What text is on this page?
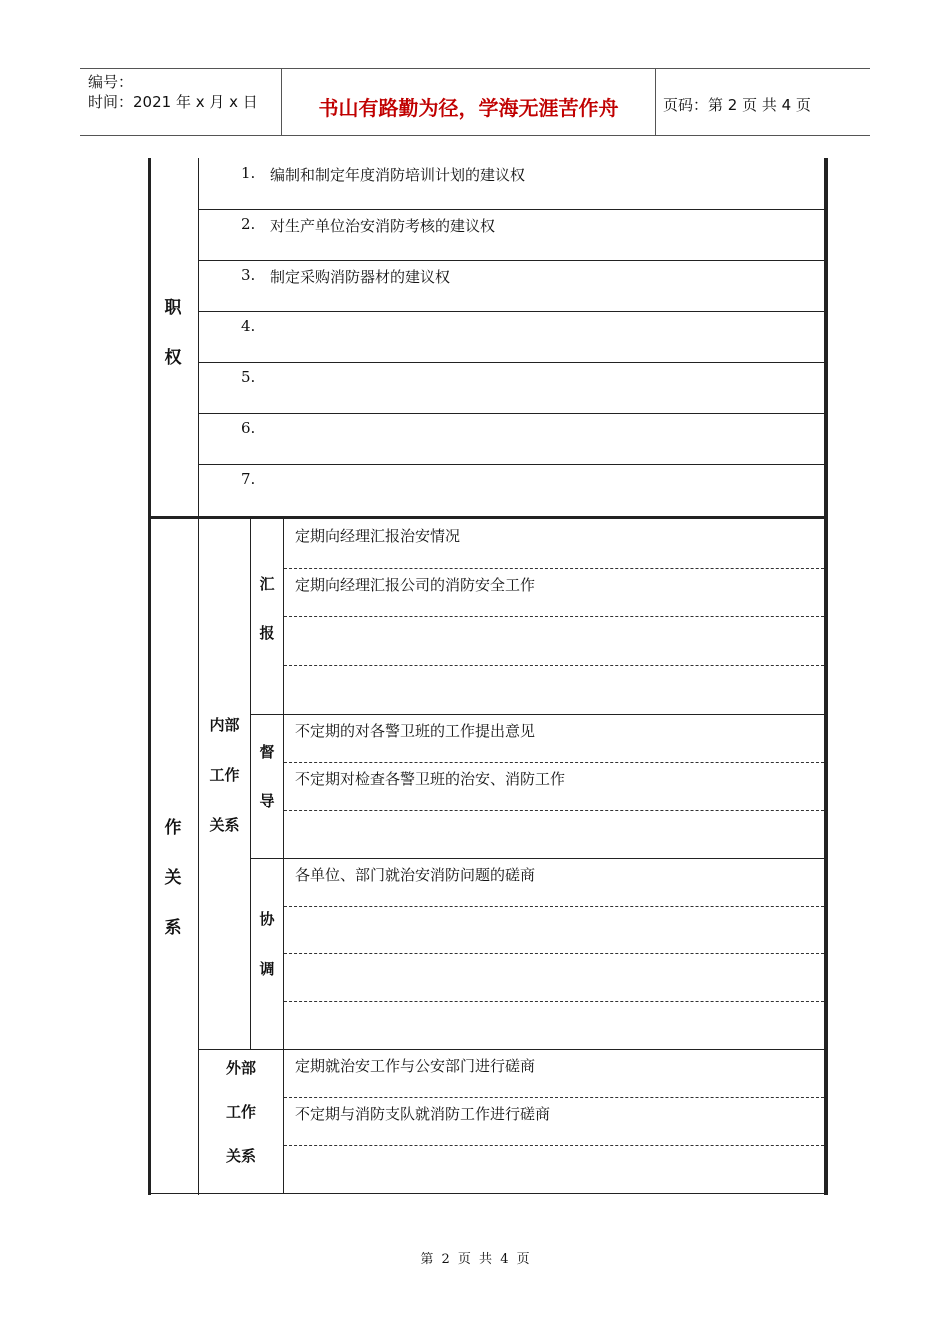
编号：
时间：2021 年 x 月 x 日	书山有路勤为径，学海无涯苦作舟	页码：第 2 页 共 4 页
1. 编制和制定年度消防培训计划的建议权
2. 对生产单位治安消防考核的建议权
3. 制定采购消防器材的建议权
4.
5.
6.
7.
职
权
作
关
系
内部
工作
关系
汇
报
督
导
协
调
外部
工作
关系
定期向经理汇报治安情况
定期向经理汇报公司的消防安全工作
不定期的对各警卫班的工作提出意见
不定期对检查各警卫班的治安、消防工作
各单位、部门就治安消防问题的磋商
定期就治安工作与公安部门进行磋商
不定期与消防支队就消防工作进行磋商
第 2 页 共 4 页
